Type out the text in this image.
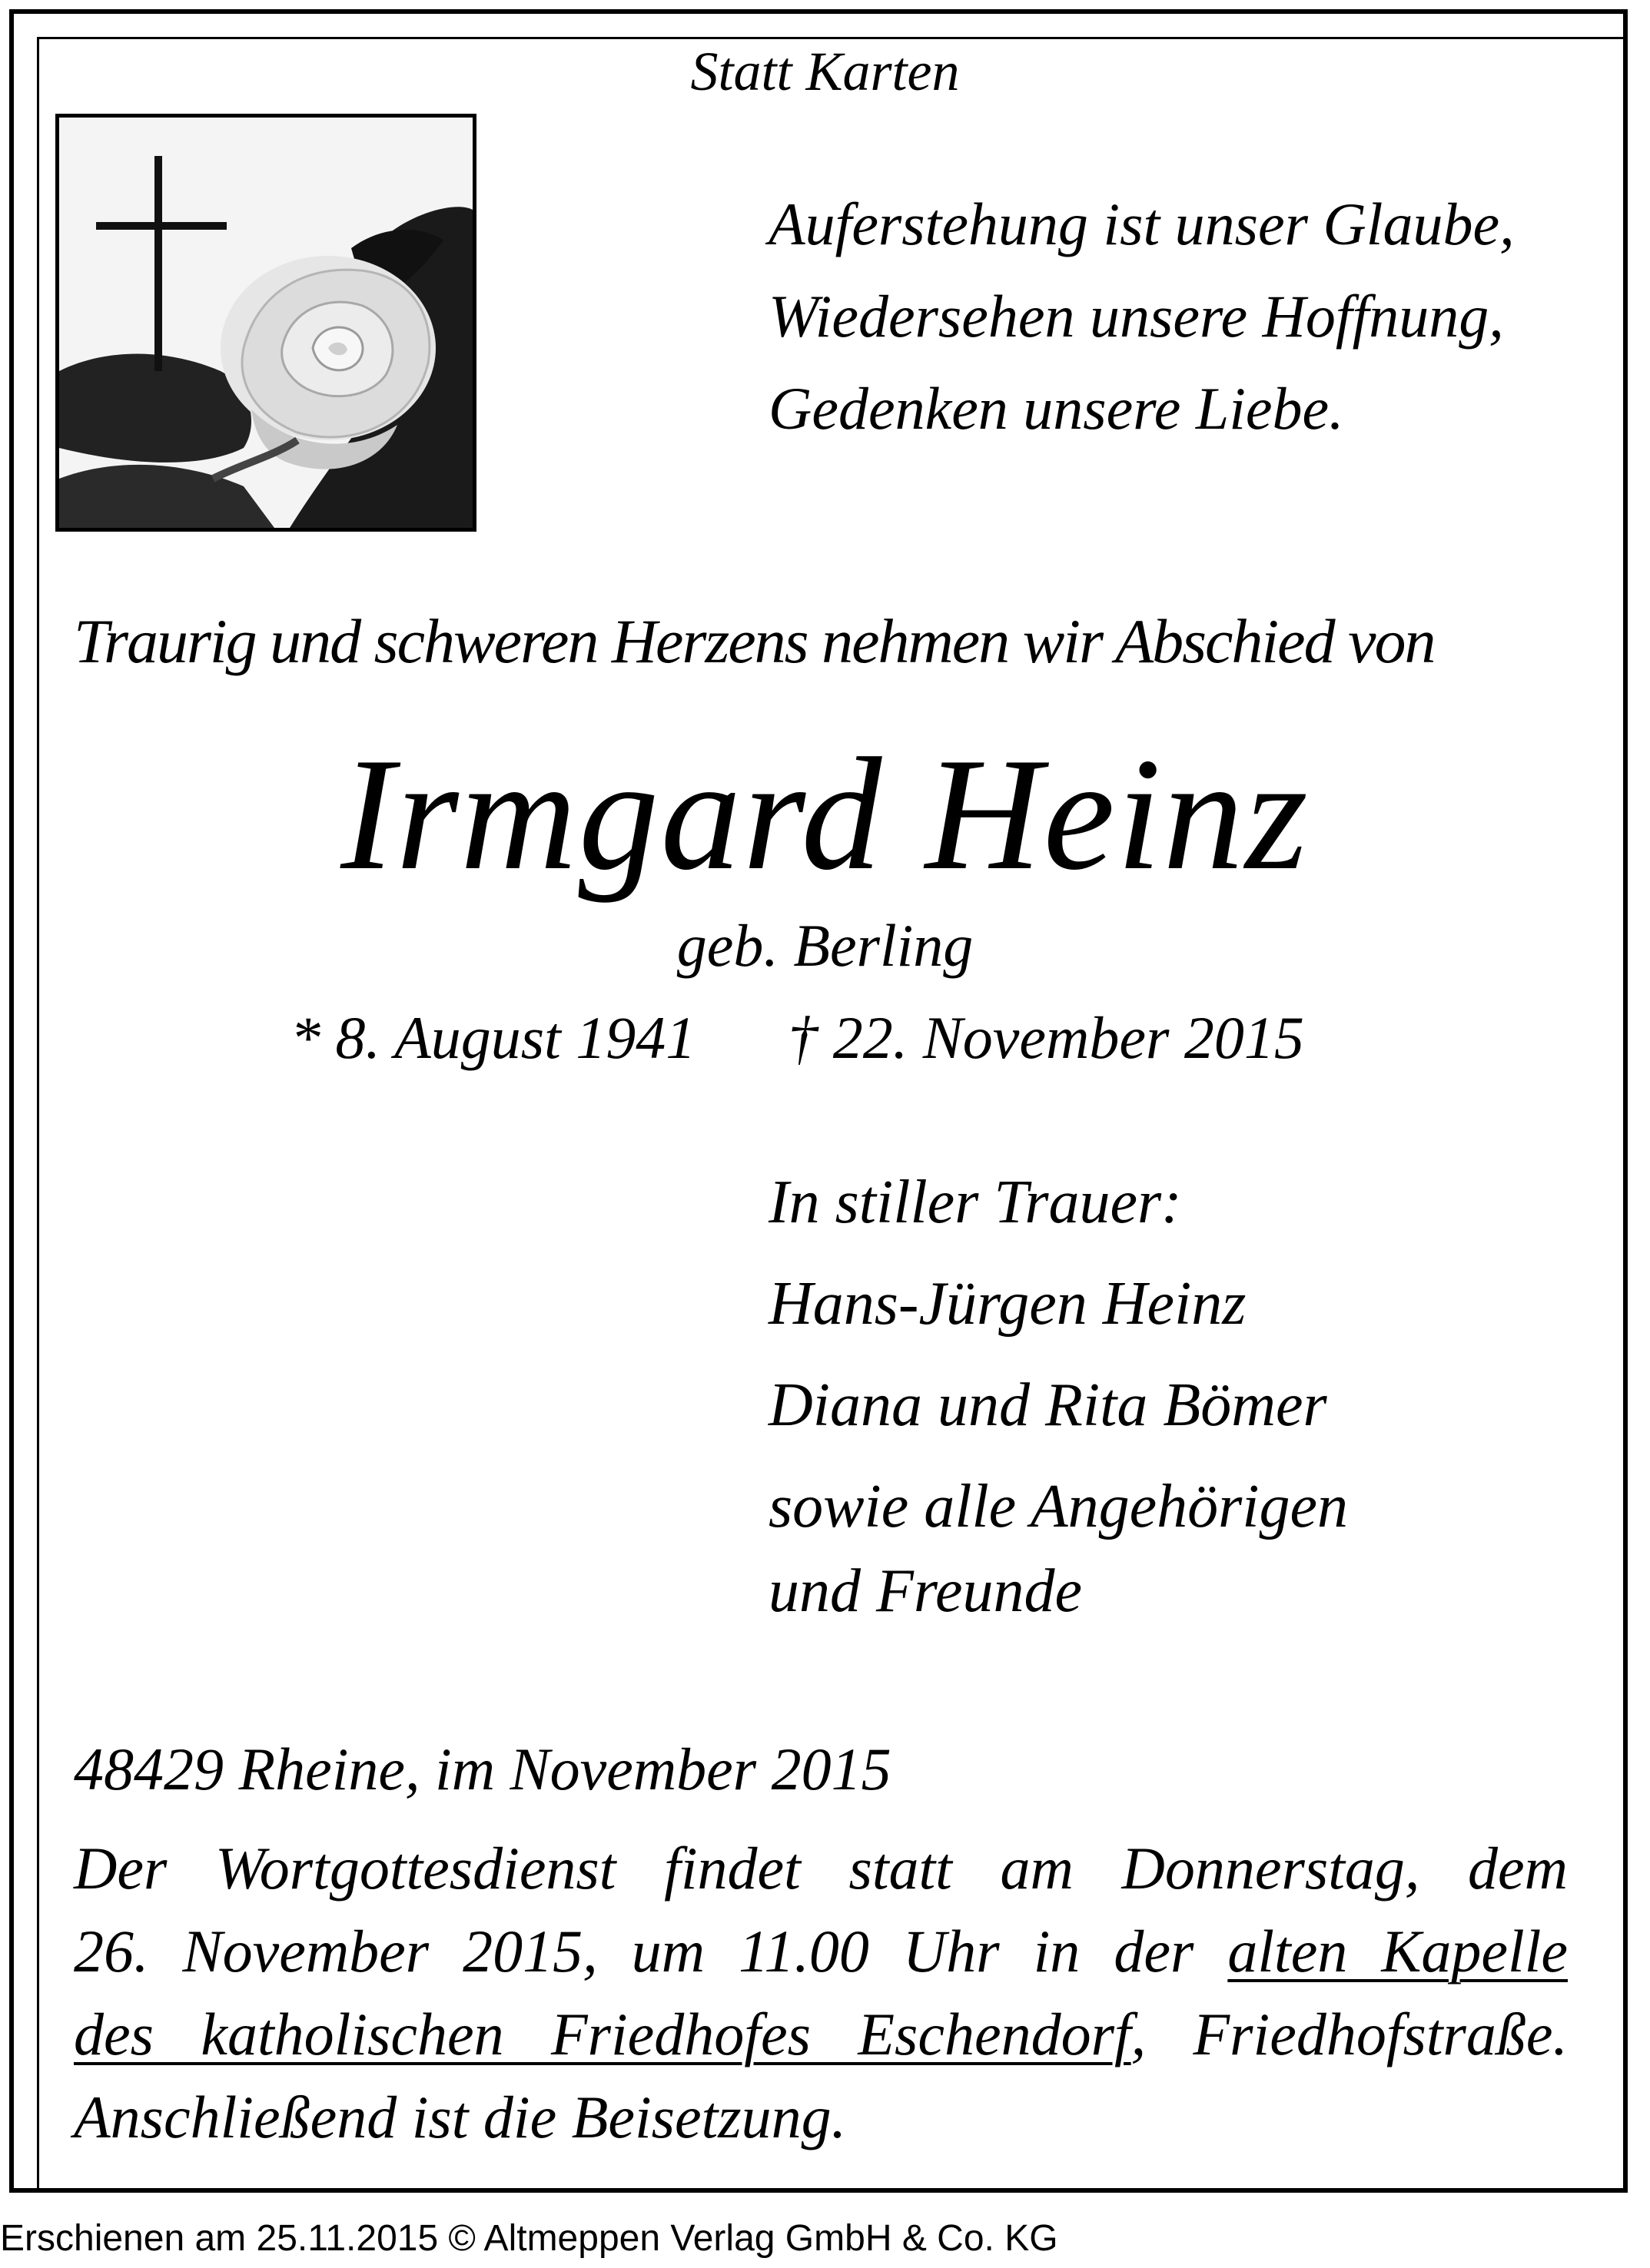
Statt Karten
Auferstehung ist unser Glaube,
Wiedersehen unsere Hoffnung,
Gedenken unsere Liebe.
Traurig und schweren Herzens nehmen wir Abschied von
Irmgard Heinz
geb. Berling
* 8. August 1941 † 22. November 2015
In stiller Trauer:
Hans-Jürgen Heinz
Diana und Rita Bömer
sowie alle Angehörigen
und Freunde
48429 Rheine, im November 2015
Der Wortgottesdienst findet statt am Donnerstag, dem
26. November 2015, um 11.00 Uhr in der alten Kapelle
des katholischen Friedhofes Eschendorf, Friedhofstraße.
Anschließend ist die Beisetzung.
Erschienen am 25.11.2015 © Altmeppen Verlag GmbH & Co. KG
